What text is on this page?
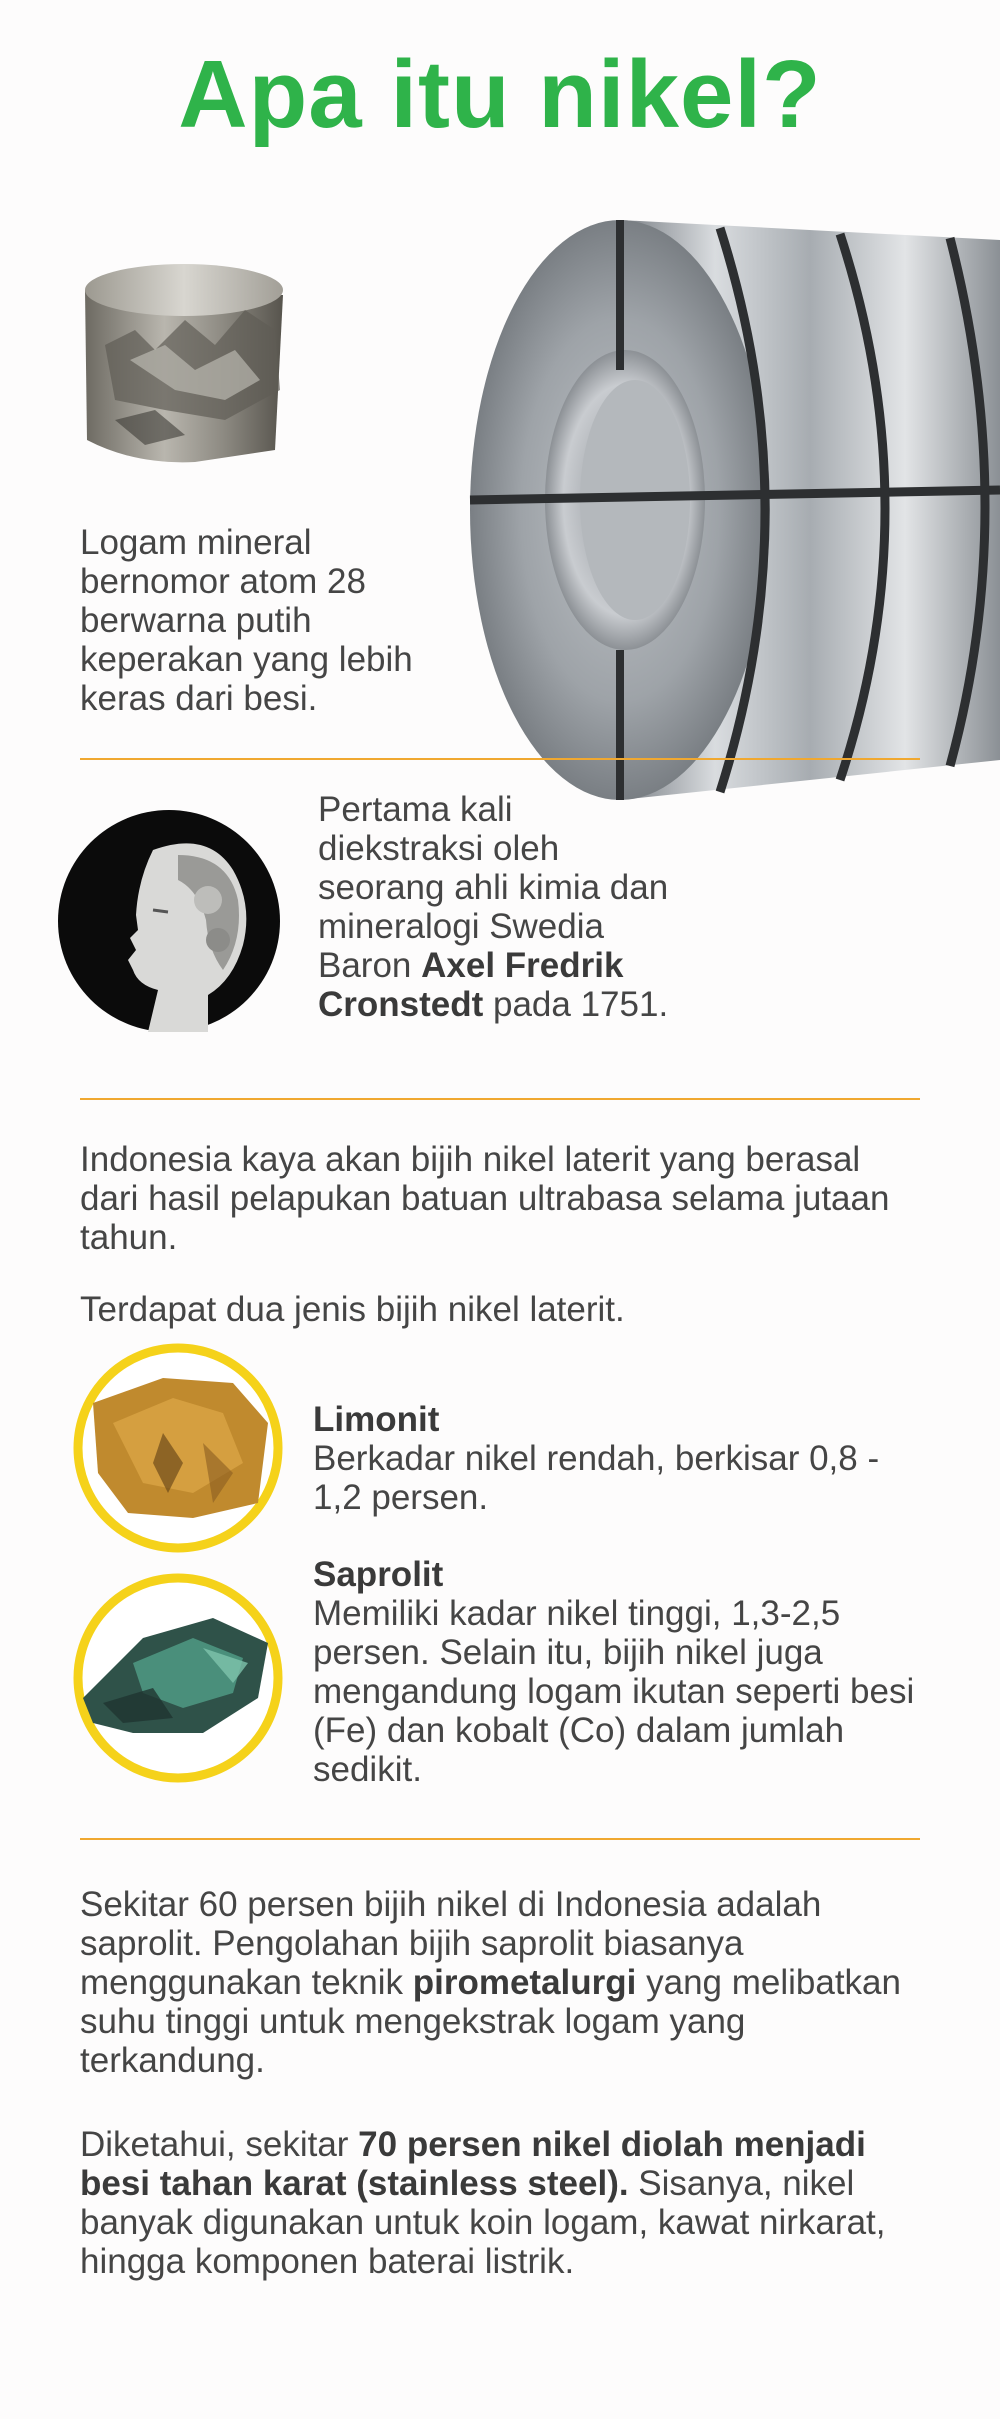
Apa itu nikel?

Logam mineral bernomor atom 28 berwarna putih keperakan yang lebih keras dari besi.

Pertama kali diekstraksi oleh seorang ahli kimia dan mineralogi Swedia Baron Axel Fredrik Cronstedt pada 1751.

Indonesia kaya akan bijih nikel laterit yang berasal dari hasil pelapukan batuan ultrabasa selama jutaan tahun.

Terdapat dua jenis bijih nikel laterit.

Limonit

Berkadar nikel rendah, berkisar 0,8 - 1,2 persen.

Saprolit

Memiliki kadar nikel tinggi, 1,3-2,5 persen. Selain itu, bijih nikel juga mengandung logam ikutan seperti besi (Fe) dan kobalt (Co) dalam jumlah sedikit.

Sekitar 60 persen bijih nikel di Indonesia adalah saprolit. Pengolahan bijih saprolit biasanya menggunakan teknik pirometalurgi yang melibatkan suhu tinggi untuk mengekstrak logam yang terkandung.

Diketahui, sekitar 70 persen nikel diolah menjadi besi tahan karat (stainless steel). Sisanya, nikel banyak digunakan untuk koin logam, kawat nirkarat, hingga komponen baterai listrik.
